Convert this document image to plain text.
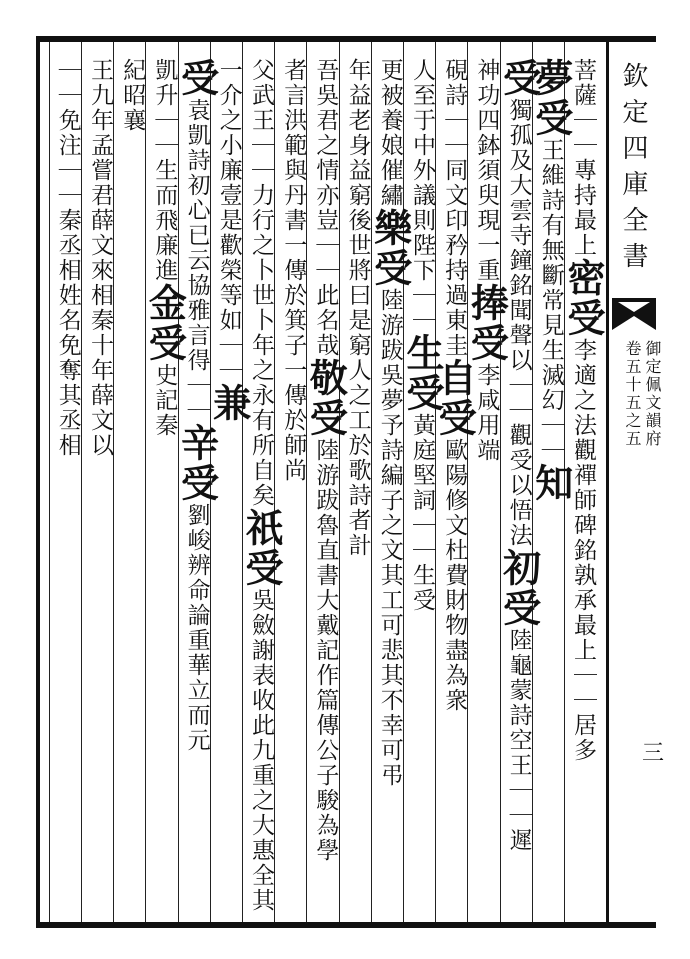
欽定四庫全書
御定佩文韻府
卷五十五之五
三
菩薩｜｜專持最上密受李適之法觀禪師碑銘孰承最上｜｜居多
夢受王維詩有無斷常見生滅幻｜｜知
受獨孤及大雲寺鐘銘聞聲以｜｜觀受以悟法初受陸龜蒙詩空王｜｜遲
神功四鉢須臾現一重捧受李咸用端
硯詩｜｜同文印矜持過東圭自受歐陽修文杜費財物盡為衆
人至于中外議則陛下｜｜生受黃庭堅詞｜｜生受
更被養娘催繡樂受陸游跋吳夢予詩編子之文其工可悲其不幸可弔
年益老身益窮後世將曰是窮人之工於歌詩者計
吾吳君之情亦豈｜｜此名哉敬受陸游跋魯直書大戴記作篇傳公子駿為學
者言洪範與丹書一傳於箕子一傳於師尚
父武王｜｜力行之卜世卜年之永有所自矣祇受吳斂謝表收此九重之大惠全其
一介之小廉壹是歡榮等如｜｜兼
受袁凱詩初心已云協雅言得｜｜辛受劉峻辨命論重華立而元
凱升｜｜生而飛廉進金受史記秦
紀昭襄
王九年孟嘗君薛文來相秦十年薛文以
｜｜免注｜｜秦丞相姓名免奪其丞相
